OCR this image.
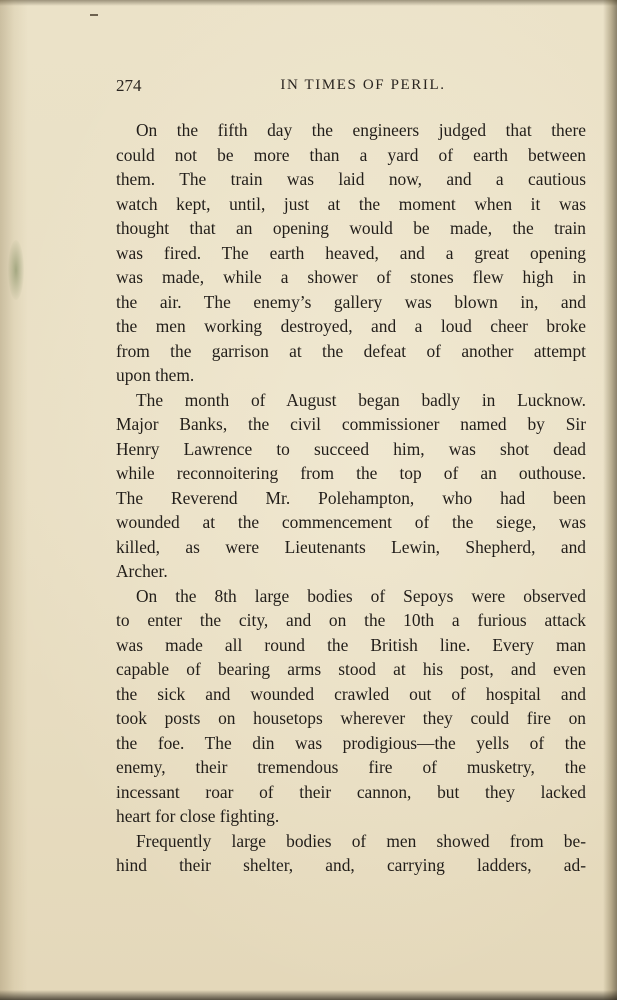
274	IN TIMES OF PERIL.
On the fifth day the engineers judged that there
could not be more than a yard of earth between
them. The train was laid now, and a cautious
watch kept, until, just at the moment when it was
thought that an opening would be made, the train
was fired. The earth heaved, and a great opening
was made, while a shower of stones flew high in
the air. The enemy’s gallery was blown in, and
the men working destroyed, and a loud cheer broke
from the garrison at the defeat of another attempt
upon them.
The month of August began badly in Lucknow.
Major Banks, the civil commissioner named by Sir
Henry Lawrence to succeed him, was shot dead
while reconnoitering from the top of an outhouse.
The Reverend Mr. Polehampton, who had been
wounded at the commencement of the siege, was
killed, as were Lieutenants Lewin, Shepherd, and
Archer.
On the 8th large bodies of Sepoys were observed
to enter the city, and on the 10th a furious attack
was made all round the British line. Every man
capable of bearing arms stood at his post, and even
the sick and wounded crawled out of hospital and
took posts on housetops wherever they could fire on
the foe. The din was prodigious—the yells of the
enemy, their tremendous fire of musketry, the
incessant roar of their cannon, but they lacked
heart for close fighting.
Frequently large bodies of men showed from be-
hind their shelter, and, carrying ladders, ad-
